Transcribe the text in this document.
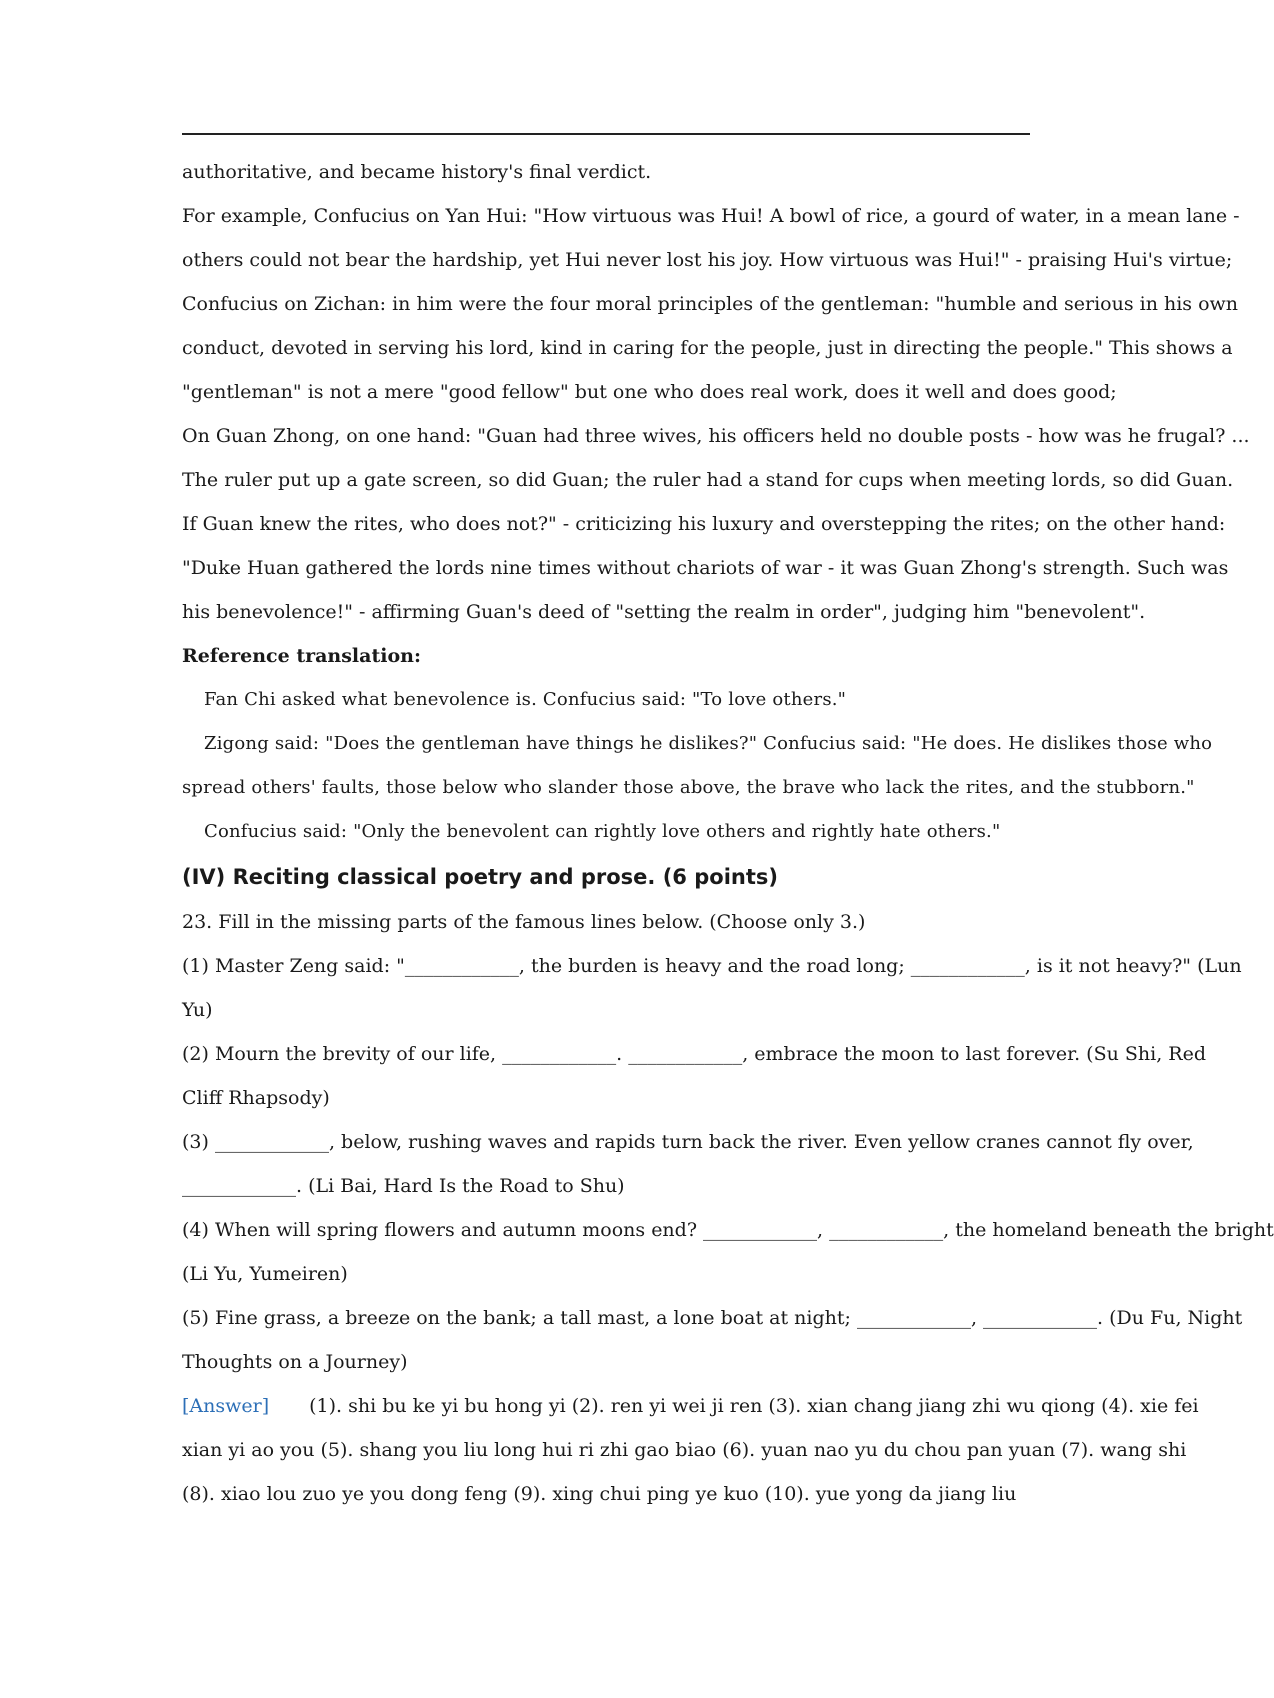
authoritative, and became history's final verdict.
For example, Confucius on Yan Hui: "How virtuous was Hui! A bowl of rice, a gourd of water, in a mean lane -
others could not bear the hardship, yet Hui never lost his joy. How virtuous was Hui!" - praising Hui's virtue;
Confucius on Zichan: in him were the four moral principles of the gentleman: "humble and serious in his own
conduct, devoted in serving his lord, kind in caring for the people, just in directing the people." This shows a
"gentleman" is not a mere "good fellow" but one who does real work, does it well and does good;
On Guan Zhong, on one hand: "Guan had three wives, his officers held no double posts - how was he frugal? ...
The ruler put up a gate screen, so did Guan; the ruler had a stand for cups when meeting lords, so did Guan.
If Guan knew the rites, who does not?" - criticizing his luxury and overstepping the rites; on the other hand:
"Duke Huan gathered the lords nine times without chariots of war - it was Guan Zhong's strength. Such was
his benevolence!" - affirming Guan's deed of "setting the realm in order", judging him "benevolent".
Reference translation:
Fan Chi asked what benevolence is. Confucius said: "To love others."
Zigong said: "Does the gentleman have things he dislikes?" Confucius said: "He does. He dislikes those who
spread others' faults, those below who slander those above, the brave who lack the rites, and the stubborn."
Confucius said: "Only the benevolent can rightly love others and rightly hate others."
(IV) Reciting classical poetry and prose. (6 points)
23. Fill in the missing parts of the famous lines below. (Choose only 3.)
(1) Master Zeng said: "____________, the burden is heavy and the road long; ____________, is it not heavy?" (Lun
Yu)
(2) Mourn the brevity of our life, ____________. ____________, embrace the moon to last forever. (Su Shi, Red
Cliff Rhapsody)
(3) ____________, below, rushing waves and rapids turn back the river. Even yellow cranes cannot fly over,
____________. (Li Bai, Hard Is the Road to Shu)
(4) When will spring flowers and autumn moons end? ____________, ____________, the homeland beneath the bright
(Li Yu, Yumeiren)
(5) Fine grass, a breeze on the bank; a tall mast, a lone boat at night; ____________, ____________. (Du Fu, Night
Thoughts on a Journey)
[Answer] (1). shi bu ke yi bu hong yi (2). ren yi wei ji ren (3). xian chang jiang zhi wu qiong (4). xie fei
xian yi ao you (5). shang you liu long hui ri zhi gao biao (6). yuan nao yu du chou pan yuan (7). wang shi
(8). xiao lou zuo ye you dong feng (9). xing chui ping ye kuo (10). yue yong da jiang liu
